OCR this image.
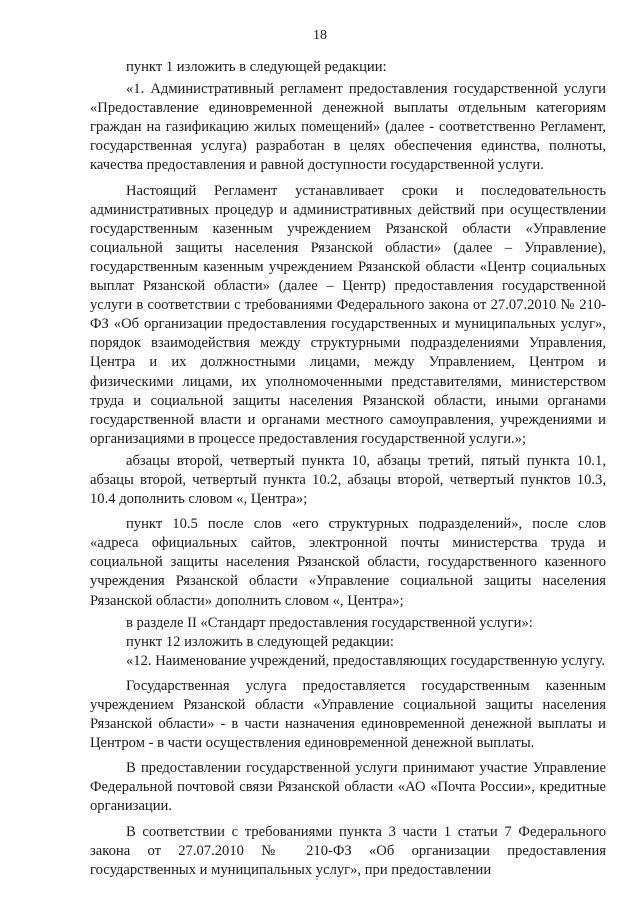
18

пункт 1 изложить в следующей редакции:

«1. Административный регламент предоставления государственной услуги «Предоставление единовременной денежной выплаты отдельным категориям граждан на газификацию жилых помещений» (далее - соответственно Регламент, государственная услуга) разработан в целях обеспечения единства, полноты, качества предоставления и равной доступности государственной услуги.

Настоящий Регламент устанавливает сроки и последовательность административных процедур и административных действий при осуществлении государственным казенным учреждением Рязанской области «Управление социальной защиты населения Рязанской области» (далее – Управление), государственным казенным учреждением Рязанской области «Центр социальных выплат Рязанской области» (далее – Центр) предоставления государственной услуги в соответствии с требованиями Федерального закона от 27.07.2010 № 210-ФЗ «Об организации предоставления государственных и муниципальных услуг», порядок взаимодействия между структурными подразделениями Управления, Центра и их должностными лицами, между Управлением, Центром и физическими лицами, их уполномоченными представителями, министерством труда и социальной защиты населения Рязанской области, иными органами государственной власти и органами местного самоуправления, учреждениями и организациями в процессе предоставления государственной услуги.»;

абзацы второй, четвертый пункта 10, абзацы третий, пятый пункта 10.1, абзацы второй, четвертый пункта 10.2, абзацы второй, четвертый пунктов 10.3, 10.4 дополнить словом «, Центра»;

пункт 10.5 после слов «его структурных подразделений», после слов «адреса официальных сайтов, электронной почты министерства труда и социальной защиты населения Рязанской области, государственного казенного учреждения Рязанской области «Управление социальной защиты населения Рязанской области» дополнить словом «, Центра»;

в разделе II «Стандарт предоставления государственной услуги»:

пункт 12 изложить в следующей редакции:

«12. Наименование учреждений, предоставляющих государственную услугу.

Государственная услуга предоставляется государственным казенным учреждением Рязанской области «Управление социальной защиты населения Рязанской области» - в части назначения единовременной денежной выплаты и Центром - в части осуществления единовременной денежной выплаты.

В предоставлении государственной услуги принимают участие Управление Федеральной почтовой связи Рязанской области «АО «Почта России», кредитные организации.

В соответствии с требованиями пункта 3 части 1 статьи 7 Федерального закона от 27.07.2010 № 210-ФЗ «Об организации предоставления государственных и муниципальных услуг», при предоставлении
